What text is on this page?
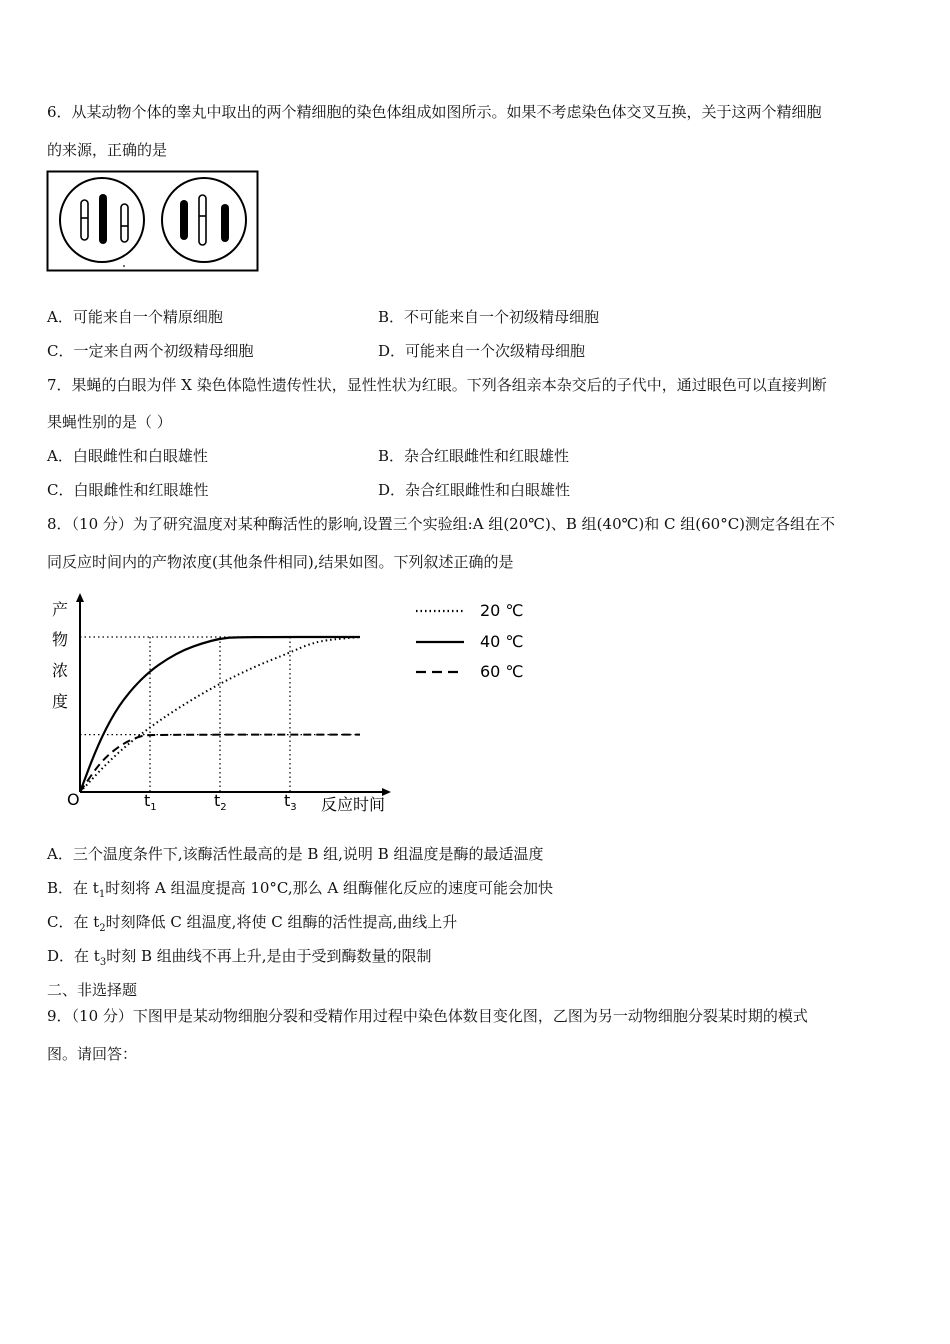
6．从某动物个体的睾丸中取出的两个精细胞的染色体组成如图所示。如果不考虑染色体交叉互换，关于这两个精细胞
的来源，正确的是
A．可能来自一个精原细胞	B．不可能来自一个初级精母细胞
C．一定来自两个初级精母细胞	D．可能来自一个次级精母细胞
7．果蝇的白眼为伴 X 染色体隐性遗传性状，显性性状为红眼。下列各组亲本杂交后的子代中，通过眼色可以直接判断
果蝇性别的是（ ）
A．白眼雌性和白眼雄性	B．杂合红眼雌性和红眼雄性
C．白眼雌性和红眼雄性	D．杂合红眼雌性和白眼雄性
8．（10 分）为了研究温度对某种酶活性的影响,设置三个实验组:A 组(20℃)、B 组(40℃)和 C 组(60°C)测定各组在不
同反应时间内的产物浓度(其他条件相同),结果如图。下列叙述正确的是
20 ℃
40 ℃
60 ℃
产
物
浓
度
O	反应时间
$t_1$	$t_2$	$t_3$
A．三个温度条件下,该酶活性最高的是 B 组,说明 B 组温度是酶的最适温度
B．在 $t_1$时刻将 A 组温度提高 10°C,那么 A 组酶催化反应的速度可能会加快
C．在 $t_2$时刻降低 C 组温度,将使 C 组酶的活性提高,曲线上升
D．在 $t_3$时刻 B 组曲线不再上升,是由于受到酶数量的限制
二、非选择题
9．（10 分）下图甲是某动物细胞分裂和受精作用过程中染色体数目变化图，乙图为另一动物细胞分裂某时期的模式
图。请回答：
